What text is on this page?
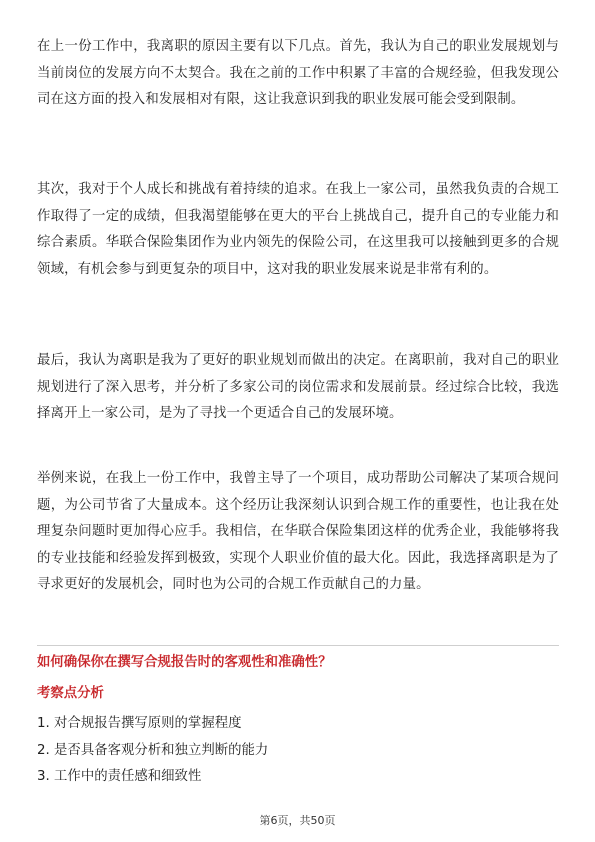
在上一份工作中，我离职的原因主要有以下几点。首先，我认为自己的职业发展规划与当前岗位的发展方向不太契合。我在之前的工作中积累了丰富的合规经验，但我发现公司在这方面的投入和发展相对有限，这让我意识到我的职业发展可能会受到限制。

其次，我对于个人成长和挑战有着持续的追求。在我上一家公司，虽然我负责的合规工作取得了一定的成绩，但我渴望能够在更大的平台上挑战自己，提升自己的专业能力和综合素质。华联合保险集团作为业内领先的保险公司，在这里我可以接触到更多的合规领域，有机会参与到更复杂的项目中，这对我的职业发展来说是非常有利的。

最后，我认为离职是我为了更好的职业规划而做出的决定。在离职前，我对自己的职业规划进行了深入思考，并分析了多家公司的岗位需求和发展前景。经过综合比较，我选择离开上一家公司，是为了寻找一个更适合自己的发展环境。

举例来说，在我上一份工作中，我曾主导了一个项目，成功帮助公司解决了某项合规问题，为公司节省了大量成本。这个经历让我深刻认识到合规工作的重要性，也让我在处理复杂问题时更加得心应手。我相信，在华联合保险集团这样的优秀企业，我能够将我的专业技能和经验发挥到极致，实现个人职业价值的最大化。因此，我选择离职是为了寻求更好的发展机会，同时也为公司的合规工作贡献自己的力量。

如何确保你在撰写合规报告时的客观性和准确性？
考察点分析
1. 对合规报告撰写原则的掌握程度
2. 是否具备客观分析和独立判断的能力
3. 工作中的责任感和细致性
第6页，共50页
